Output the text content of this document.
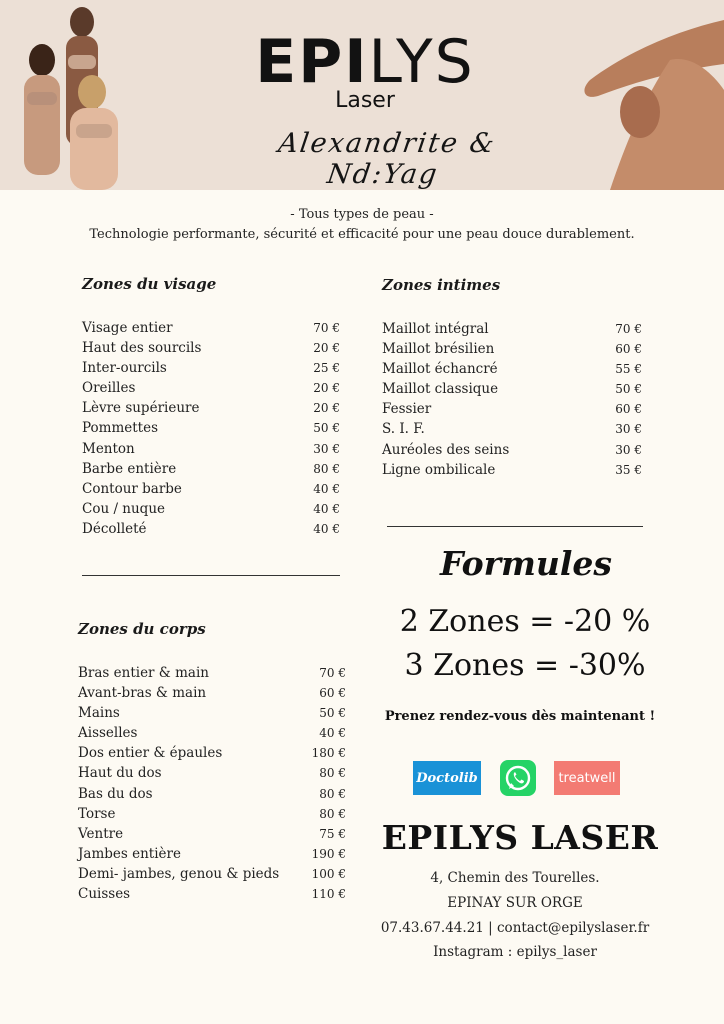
EPILYS
Laser
Alexandrite & Nd:Yag
- Tous types de peau -
Technologie performante, sécurité et efficacité pour une peau douce durablement.
Zones du visage
Visage entier	70 €
Haut des sourcils	20 €
Inter-ourcils	25 €
Oreilles	20 €
Lèvre supérieure	20 €
Pommettes	50 €
Menton	30 €
Barbe entière	80 €
Contour barbe	40 €
Cou / nuque	40 €
Décolleté	40 €
Zones intimes
Maillot intégral	70 €
Maillot brésilien	60 €
Maillot échancré	55 €
Maillot classique	50 €
Fessier	60 €
S. I. F.	30 €
Auréoles des seins	30 €
Ligne ombilicale	35 €
Zones du corps
Bras entier & main	70 €
Avant-bras & main	60 €
Mains	50 €
Aisselles	40 €
Dos entier & épaules	180 €
Haut du dos	80 €
Bas du dos	80 €
Torse	80 €
Ventre	75 €
Jambes entière	190 €
Demi- jambes, genou & pieds	100 €
Cuisses	110 €
Formules
2 Zones = -20 %
3 Zones = -30%
Prenez rendez-vous dès maintenant !
Doctolib	treatwell
EPILYS LASER
4, Chemin des Tourelles.
EPINAY SUR ORGE
07.43.67.44.21 | contact@epilyslaser.fr
Instagram : epilys_laser
